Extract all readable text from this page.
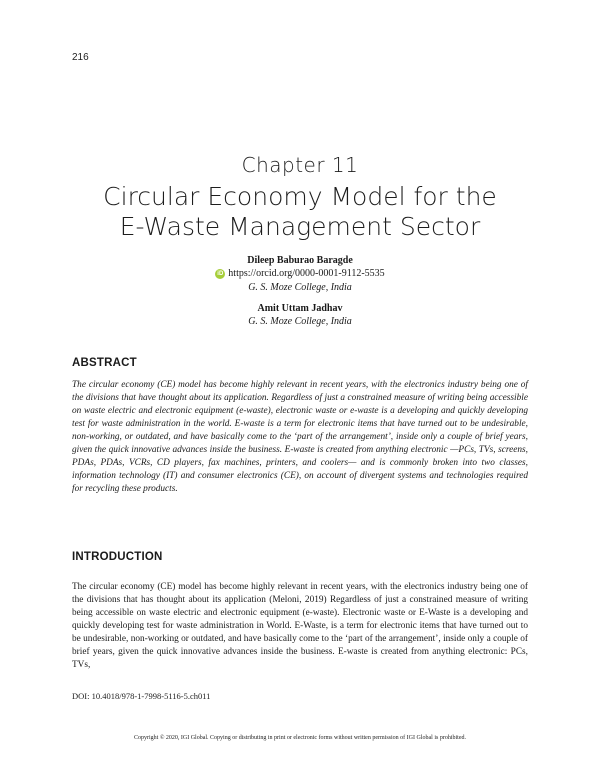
216
Chapter 11
Circular Economy Model for the
E-Waste Management Sector
Dileep Baburao Baragde
iD https://orcid.org/0000-0001-9112-5535
G. S. Moze College, India
Amit Uttam Jadhav
G. S. Moze College, India
ABSTRACT
The circular economy (CE) model has become highly relevant in recent years, with the electronics industry being one of the divisions that have thought about its application. Regardless of just a constrained measure of writing being accessible on waste electric and electronic equipment (e-waste), electronic waste or e-waste is a developing and quickly developing test for waste administration in the world. E-waste is a term for electronic items that have turned out to be undesirable, non-working, or outdated, and have basically come to the ‘part of the arrangement’, inside only a couple of brief years, given the quick innovative advances inside the business. E-waste is created from anything electronic —PCs, TVs, screens, PDAs, PDAs, VCRs, CD players, fax machines, printers, and coolers— and is commonly broken into two classes, information technology (IT) and consumer electronics (CE), on account of divergent systems and technologies required for recycling these products.
INTRODUCTION
The circular economy (CE) model has become highly relevant in recent years, with the electronics industry being one of the divisions that has thought about its application (Meloni, 2019) Regardless of just a constrained measure of writing being accessible on waste electric and electronic equipment (e-waste). Electronic waste or E-Waste is a developing and quickly developing test for waste administration in World. E-Waste, is a term for electronic items that have turned out to be undesirable, non-working or outdated, and have basically come to the ‘part of the arrangement’, inside only a couple of brief years, given the quick innovative advances inside the business. E-waste is created from anything electronic: PCs, TVs,
DOI: 10.4018/978-1-7998-5116-5.ch011
Copyright © 2020, IGI Global. Copying or distributing in print or electronic forms without written permission of IGI Global is prohibited.
